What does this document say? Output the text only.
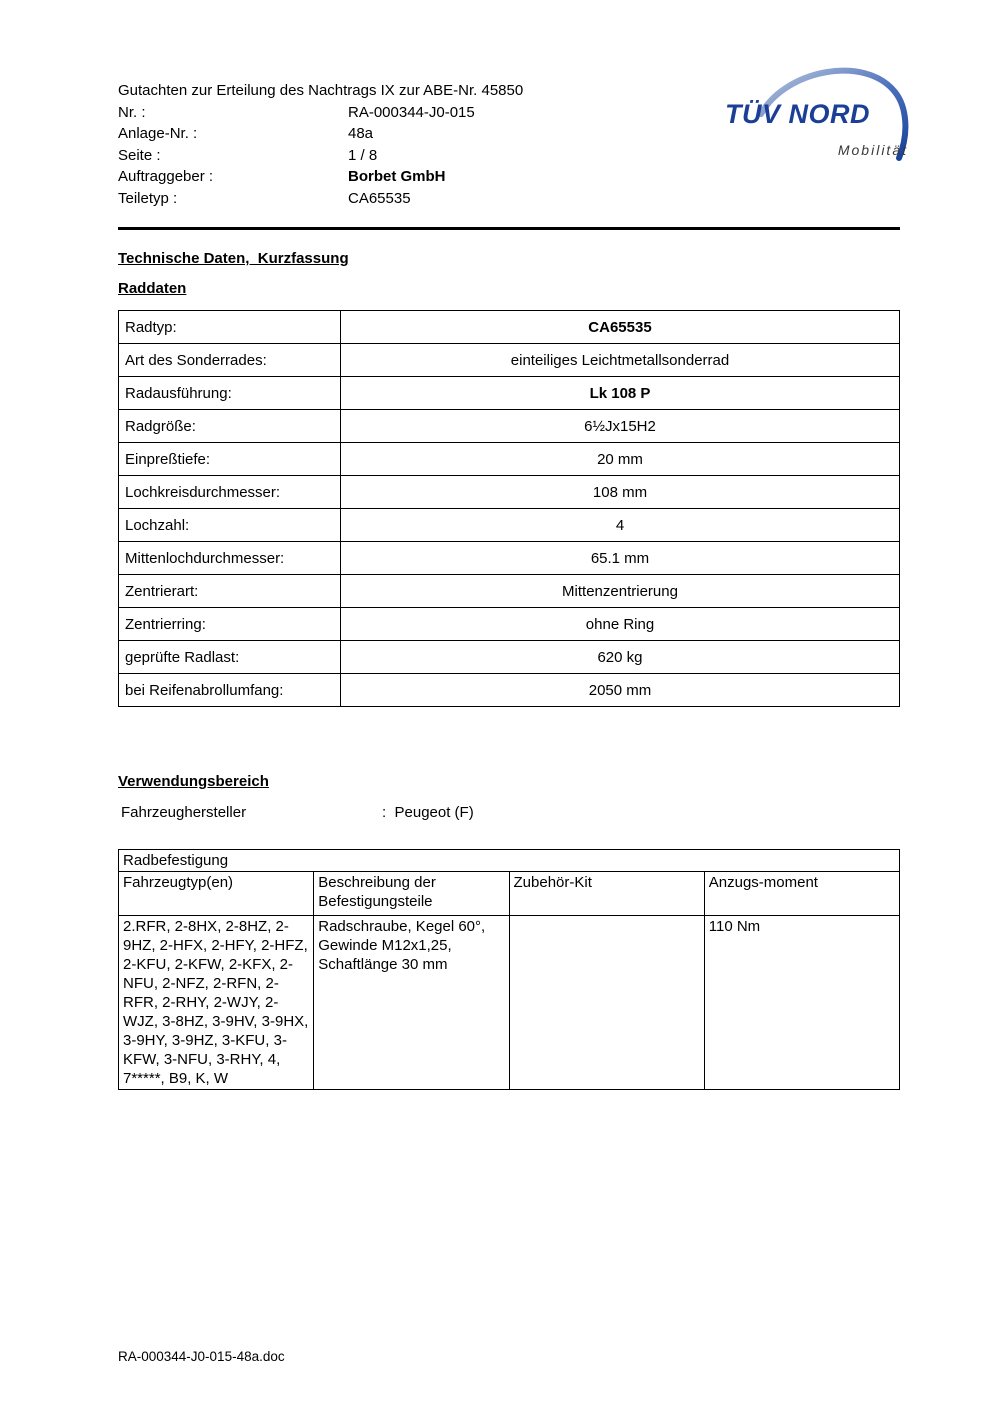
Gutachten zur Erteilung des Nachtrags IX zur ABE-Nr. 45850
Nr. :	RA-000344-J0-015
Anlage-Nr. :	48a
Seite :	1 / 8
Auftraggeber :	Borbet GmbH
Teiletyp :	CA65535
TÜV NORD
Mobilität
Technische Daten,  Kurzfassung
Raddaten
Radtyp:	CA65535
Art des Sonderrades:	einteiliges Leichtmetallsonderrad
Radausführung:	Lk 108 P
Radgröße:	6½Jx15H2
Einpreßtiefe:	20 mm
Lochkreisdurchmesser:	108 mm
Lochzahl:	4
Mittenlochdurchmesser:	65.1 mm
Zentrierart:	Mittenzentrierung
Zentrierring:	ohne Ring
geprüfte Radlast:	620 kg
bei Reifenabrollumfang:	2050 mm
Verwendungsbereich
Fahrzeughersteller	:  Peugeot (F)
Radbefestigung			
Fahrzeugtyp(en)	Beschreibung der Befestigungsteile	Zubehör-Kit	Anzugs-moment
2.RFR, 2-8HX, 2-8HZ, 2-9HZ, 2-HFX, 2-HFY, 2-HFZ, 2-KFU, 2-KFW, 2-KFX, 2-NFU, 2-NFZ, 2-RFN, 2-RFR, 2-RHY, 2-WJY, 2-WJZ, 3-8HZ, 3-9HV, 3-9HX, 3-9HY, 3-9HZ, 3-KFU, 3-KFW, 3-NFU, 3-RHY, 4, 7*****, B9, K, W	Radschraube, Kegel 60°, Gewinde M12x1,25, Schaftlänge 30 mm		110 Nm
RA-000344-J0-015-48a.doc
